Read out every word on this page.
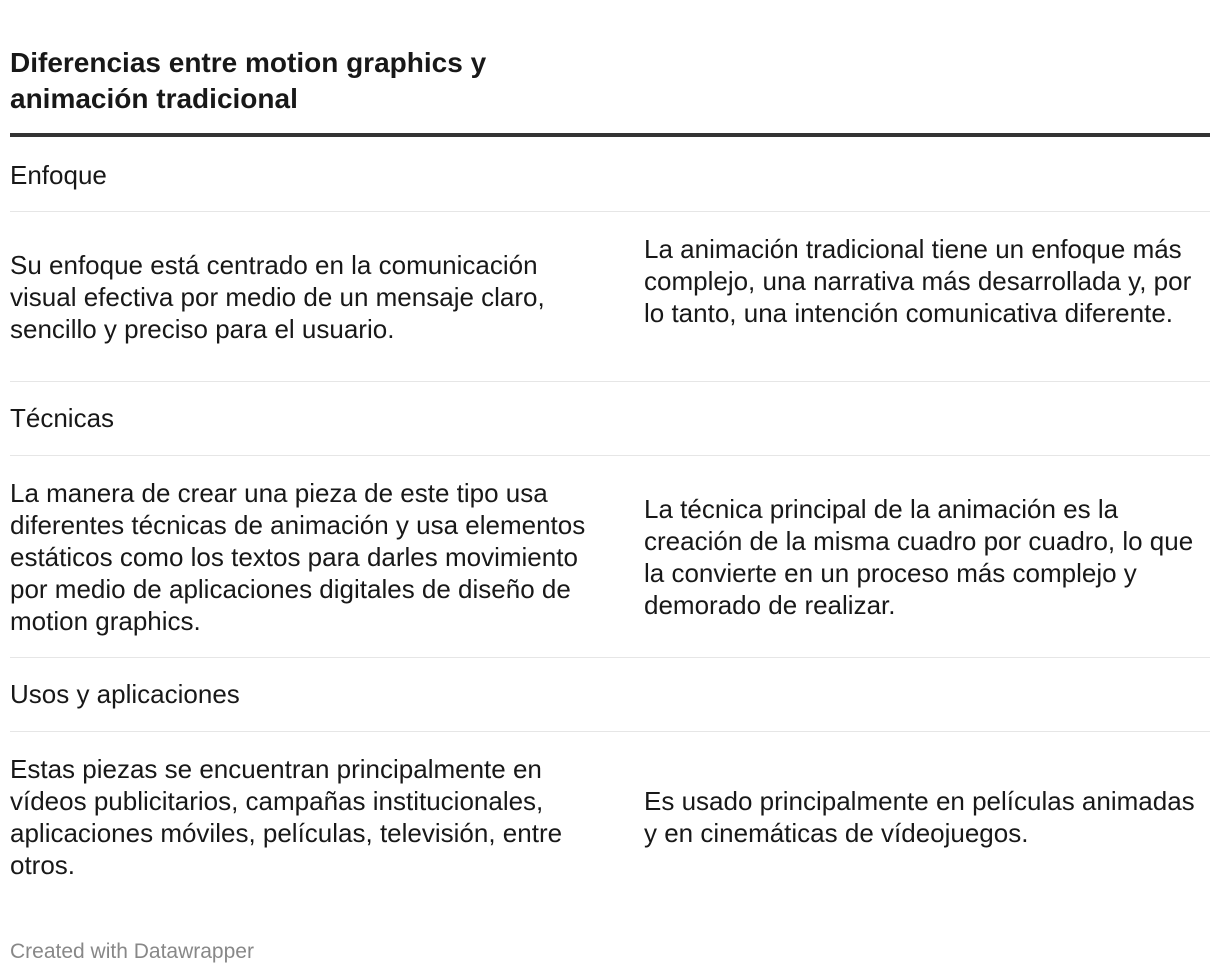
Diferencias entre motion graphics y animación tradicional
Enfoque
Su enfoque está centrado en la comunicación visual efectiva por medio de un mensaje claro, sencillo y preciso para el usuario.
La animación tradicional tiene un enfoque más complejo, una narrativa más desarrollada y, por lo tanto, una intención comunicativa diferente.
Técnicas
La manera de crear una pieza de este tipo usa diferentes técnicas de animación y usa elementos estáticos como los textos para darles movimiento por medio de aplicaciones digitales de diseño de motion graphics.
La técnica principal de la animación es la creación de la misma cuadro por cuadro, lo que la convierte en un proceso más complejo y demorado de realizar.
Usos y aplicaciones
Estas piezas se encuentran principalmente en vídeos publicitarios, campañas institucionales, aplicaciones móviles, películas, televisión, entre otros.
Es usado principalmente en películas animadas y en cinemáticas de vídeojuegos.
Created with Datawrapper
